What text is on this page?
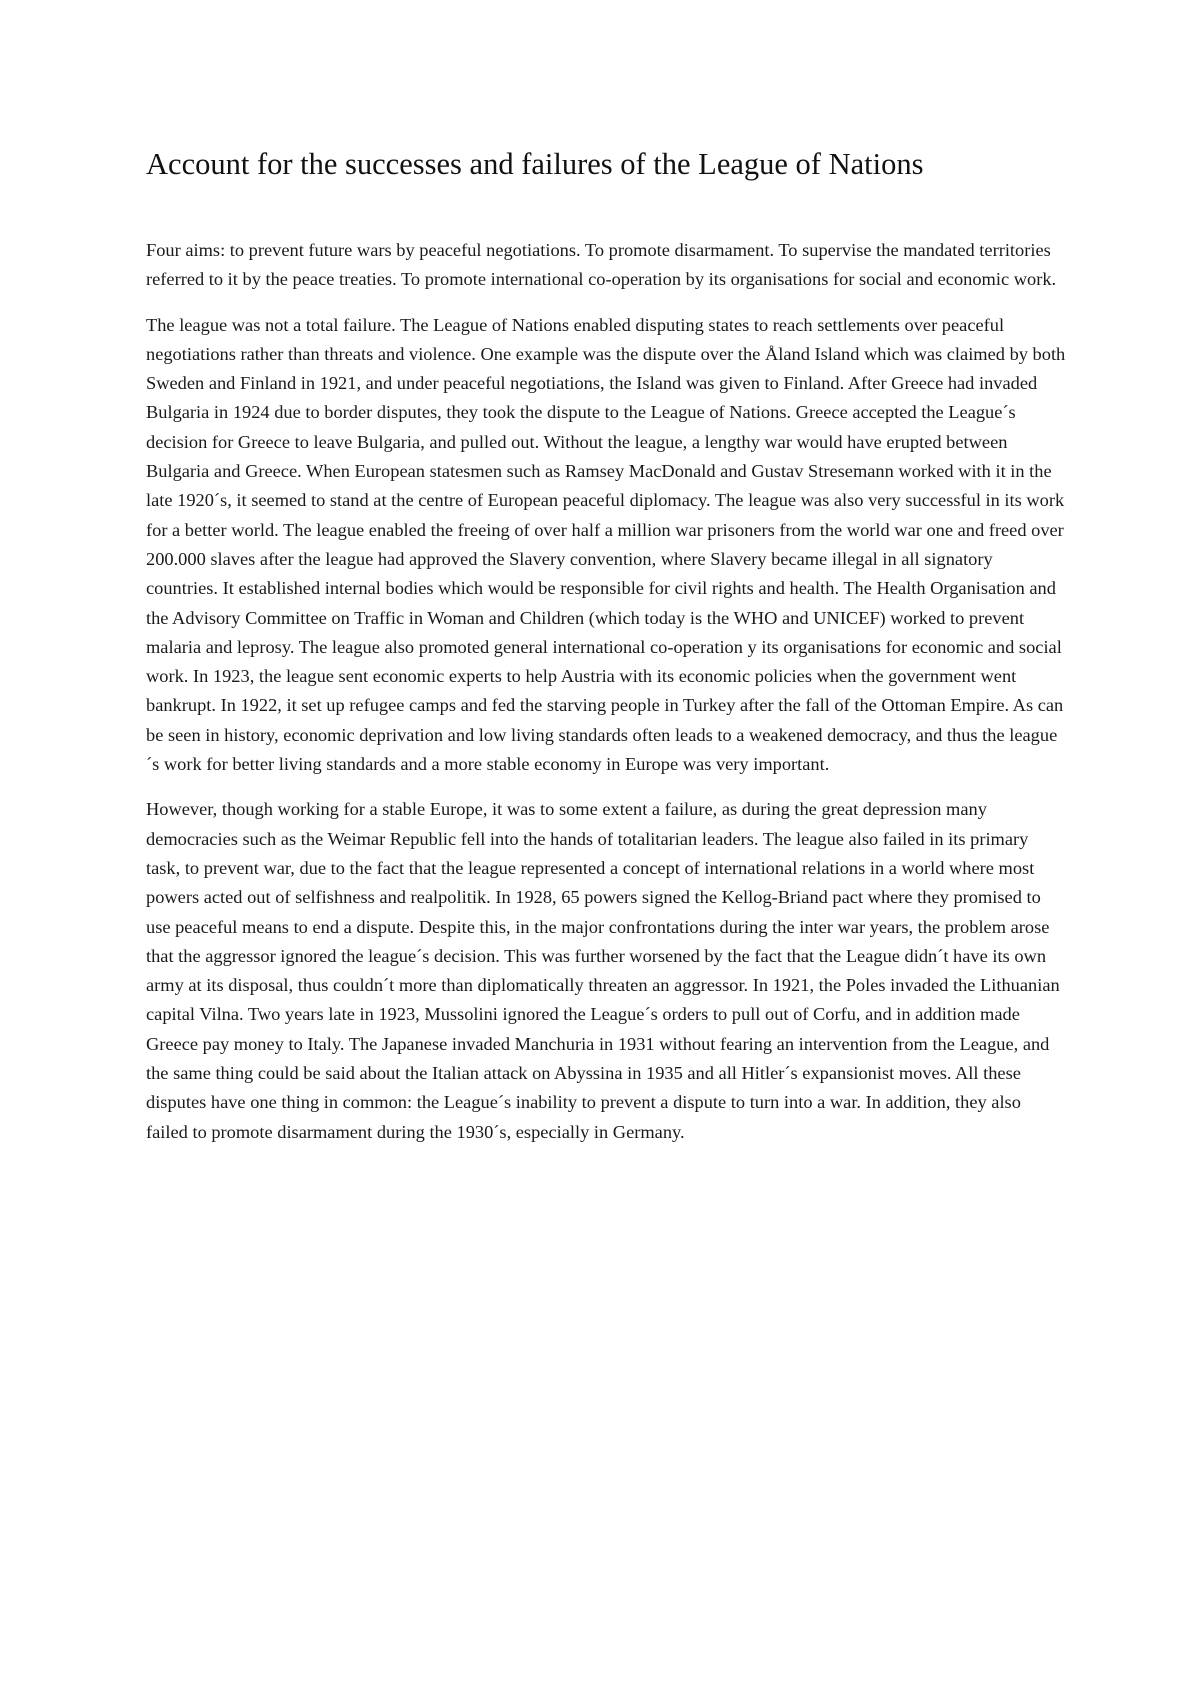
Account for the successes and failures of the League of Nations

Four aims: to prevent future wars by peaceful negotiations. To promote disarmament. To supervise the mandated territories referred to it by the peace treaties. To promote international co-operation by its organisations for social and economic work.

The league was not a total failure. The League of Nations enabled disputing states to reach settlements over peaceful negotiations rather than threats and violence. One example was the dispute over the Åland Island which was claimed by both Sweden and Finland in 1921, and under peaceful negotiations, the Island was given to Finland. After Greece had invaded Bulgaria in 1924 due to border disputes, they took the dispute to the League of Nations. Greece accepted the League´s decision for Greece to leave Bulgaria, and pulled out. Without the league, a lengthy war would have erupted between Bulgaria and Greece. When European statesmen such as Ramsey MacDonald and Gustav Stresemann worked with it in the late 1920´s, it seemed to stand at the centre of European peaceful diplomacy. The league was also very successful in its work for a better world. The league enabled the freeing of over half a million war prisoners from the world war one and freed over 200.000 slaves after the league had approved the Slavery convention, where Slavery became illegal in all signatory countries. It established internal bodies which would be responsible for civil rights and health. The Health Organisation and the Advisory Committee on Traffic in Woman and Children (which today is the WHO and UNICEF) worked to prevent malaria and leprosy. The league also promoted general international co-operation y its organisations for economic and social work. In 1923, the league sent economic experts to help Austria with its economic policies when the government went bankrupt. In 1922, it set up refugee camps and fed the starving people in Turkey after the fall of the Ottoman Empire. As can be seen in history, economic deprivation and low living standards often leads to a weakened democracy, and thus the league´s work for better living standards and a more stable economy in Europe was very important.

However, though working for a stable Europe, it was to some extent a failure, as during the great depression many democracies such as the Weimar Republic fell into the hands of totalitarian leaders. The league also failed in its primary task, to prevent war, due to the fact that the league represented a concept of international relations in a world where most powers acted out of selfishness and realpolitik. In 1928, 65 powers signed the Kellog-Briand pact where they promised to use peaceful means to end a dispute. Despite this, in the major confrontations during the inter war years, the problem arose that the aggressor ignored the league´s decision. This was further worsened by the fact that the League didn´t have its own army at its disposal, thus couldn´t more than diplomatically threaten an aggressor. In 1921, the Poles invaded the Lithuanian capital Vilna. Two years late in 1923, Mussolini ignored the League´s orders to pull out of Corfu, and in addition made Greece pay money to Italy. The Japanese invaded Manchuria in 1931 without fearing an intervention from the League, and the same thing could be said about the Italian attack on Abyssina in 1935 and all Hitler´s expansionist moves. All these disputes have one thing in common: the League´s inability to prevent a dispute to turn into a war. In addition, they also failed to promote disarmament during the 1930´s, especially in Germany.
